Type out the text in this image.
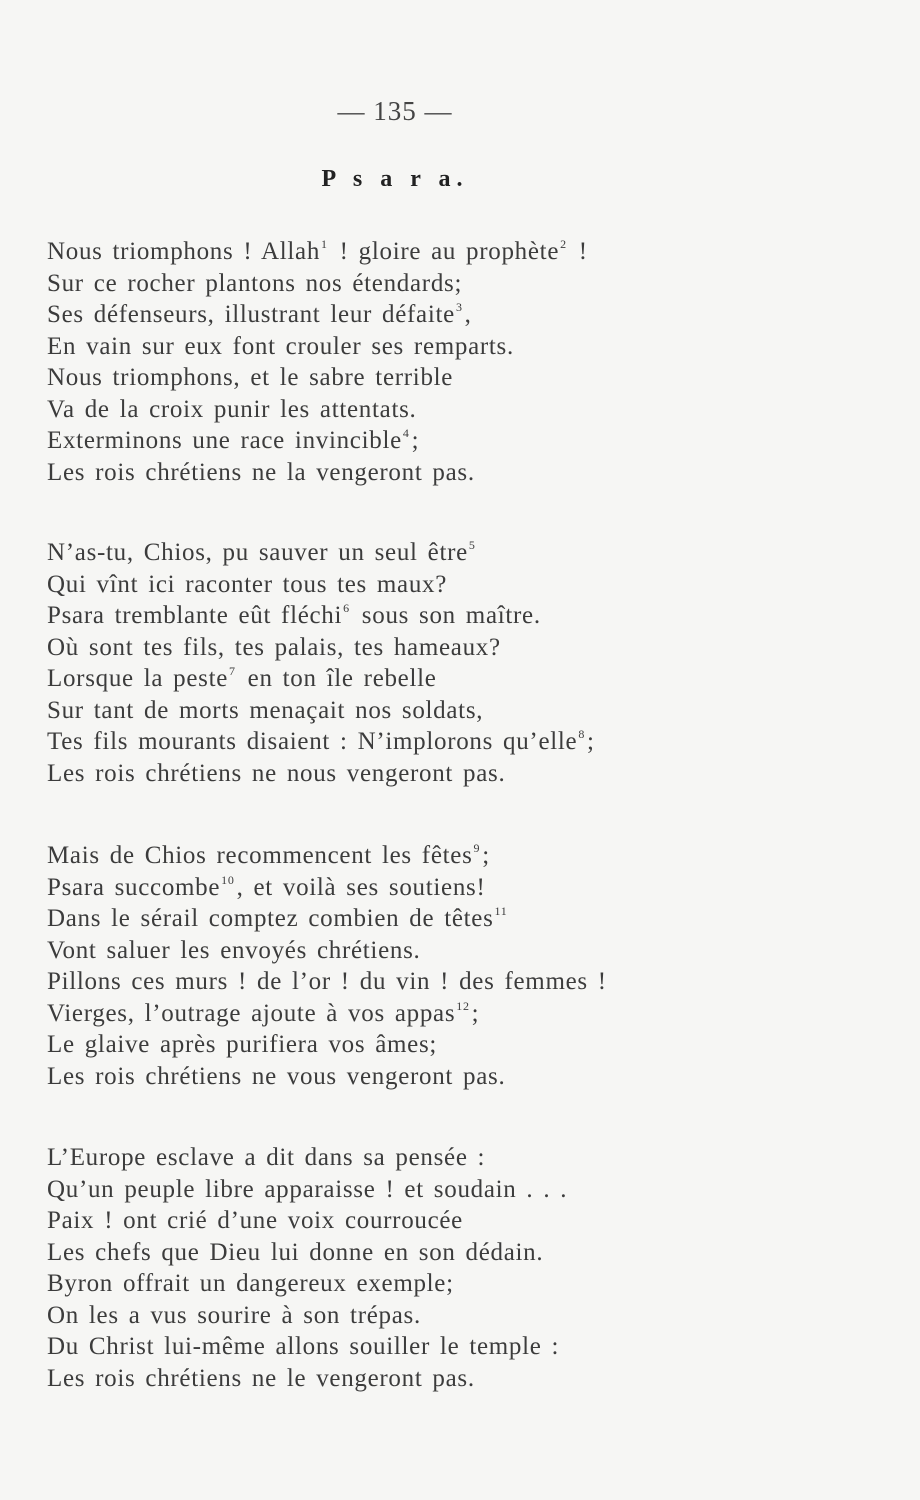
— 135 —
P s a r a.
Nous triomphons ! Allah$^1$ ! gloire au prophète$^2$ !
Sur ce rocher plantons nos étendards;
Ses défenseurs, illustrant leur défaite$^3$,
En vain sur eux font crouler ses remparts.
Nous triomphons, et le sabre terrible
Va de la croix punir les attentats.
Exterminons une race invincible$^4$;
Les rois chrétiens ne la vengeront pas.
N’as-tu, Chios, pu sauver un seul être$^5$
Qui vînt ici raconter tous tes maux?
Psara tremblante eût fléchi$^6$ sous son maître.
Où sont tes fils, tes palais, tes hameaux?
Lorsque la peste$^7$ en ton île rebelle
Sur tant de morts menaçait nos soldats,
Tes fils mourants disaient : N’implorons qu’elle$^8$;
Les rois chrétiens ne nous vengeront pas.
Mais de Chios recommencent les fêtes$^9$;
Psara succombe$^{10}$, et voilà ses soutiens!
Dans le sérail comptez combien de têtes$^{11}$
Vont saluer les envoyés chrétiens.
Pillons ces murs ! de l’or ! du vin ! des femmes !
Vierges, l’outrage ajoute à vos appas$^{12}$;
Le glaive après purifiera vos âmes;
Les rois chrétiens ne vous vengeront pas.
L’Europe esclave a dit dans sa pensée :
Qu’un peuple libre apparaisse ! et soudain . . .
Paix ! ont crié d’une voix courroucée
Les chefs que Dieu lui donne en son dédain.
Byron offrait un dangereux exemple;
On les a vus sourire à son trépas.
Du Christ lui-même allons souiller le temple :
Les rois chrétiens ne le vengeront pas.
